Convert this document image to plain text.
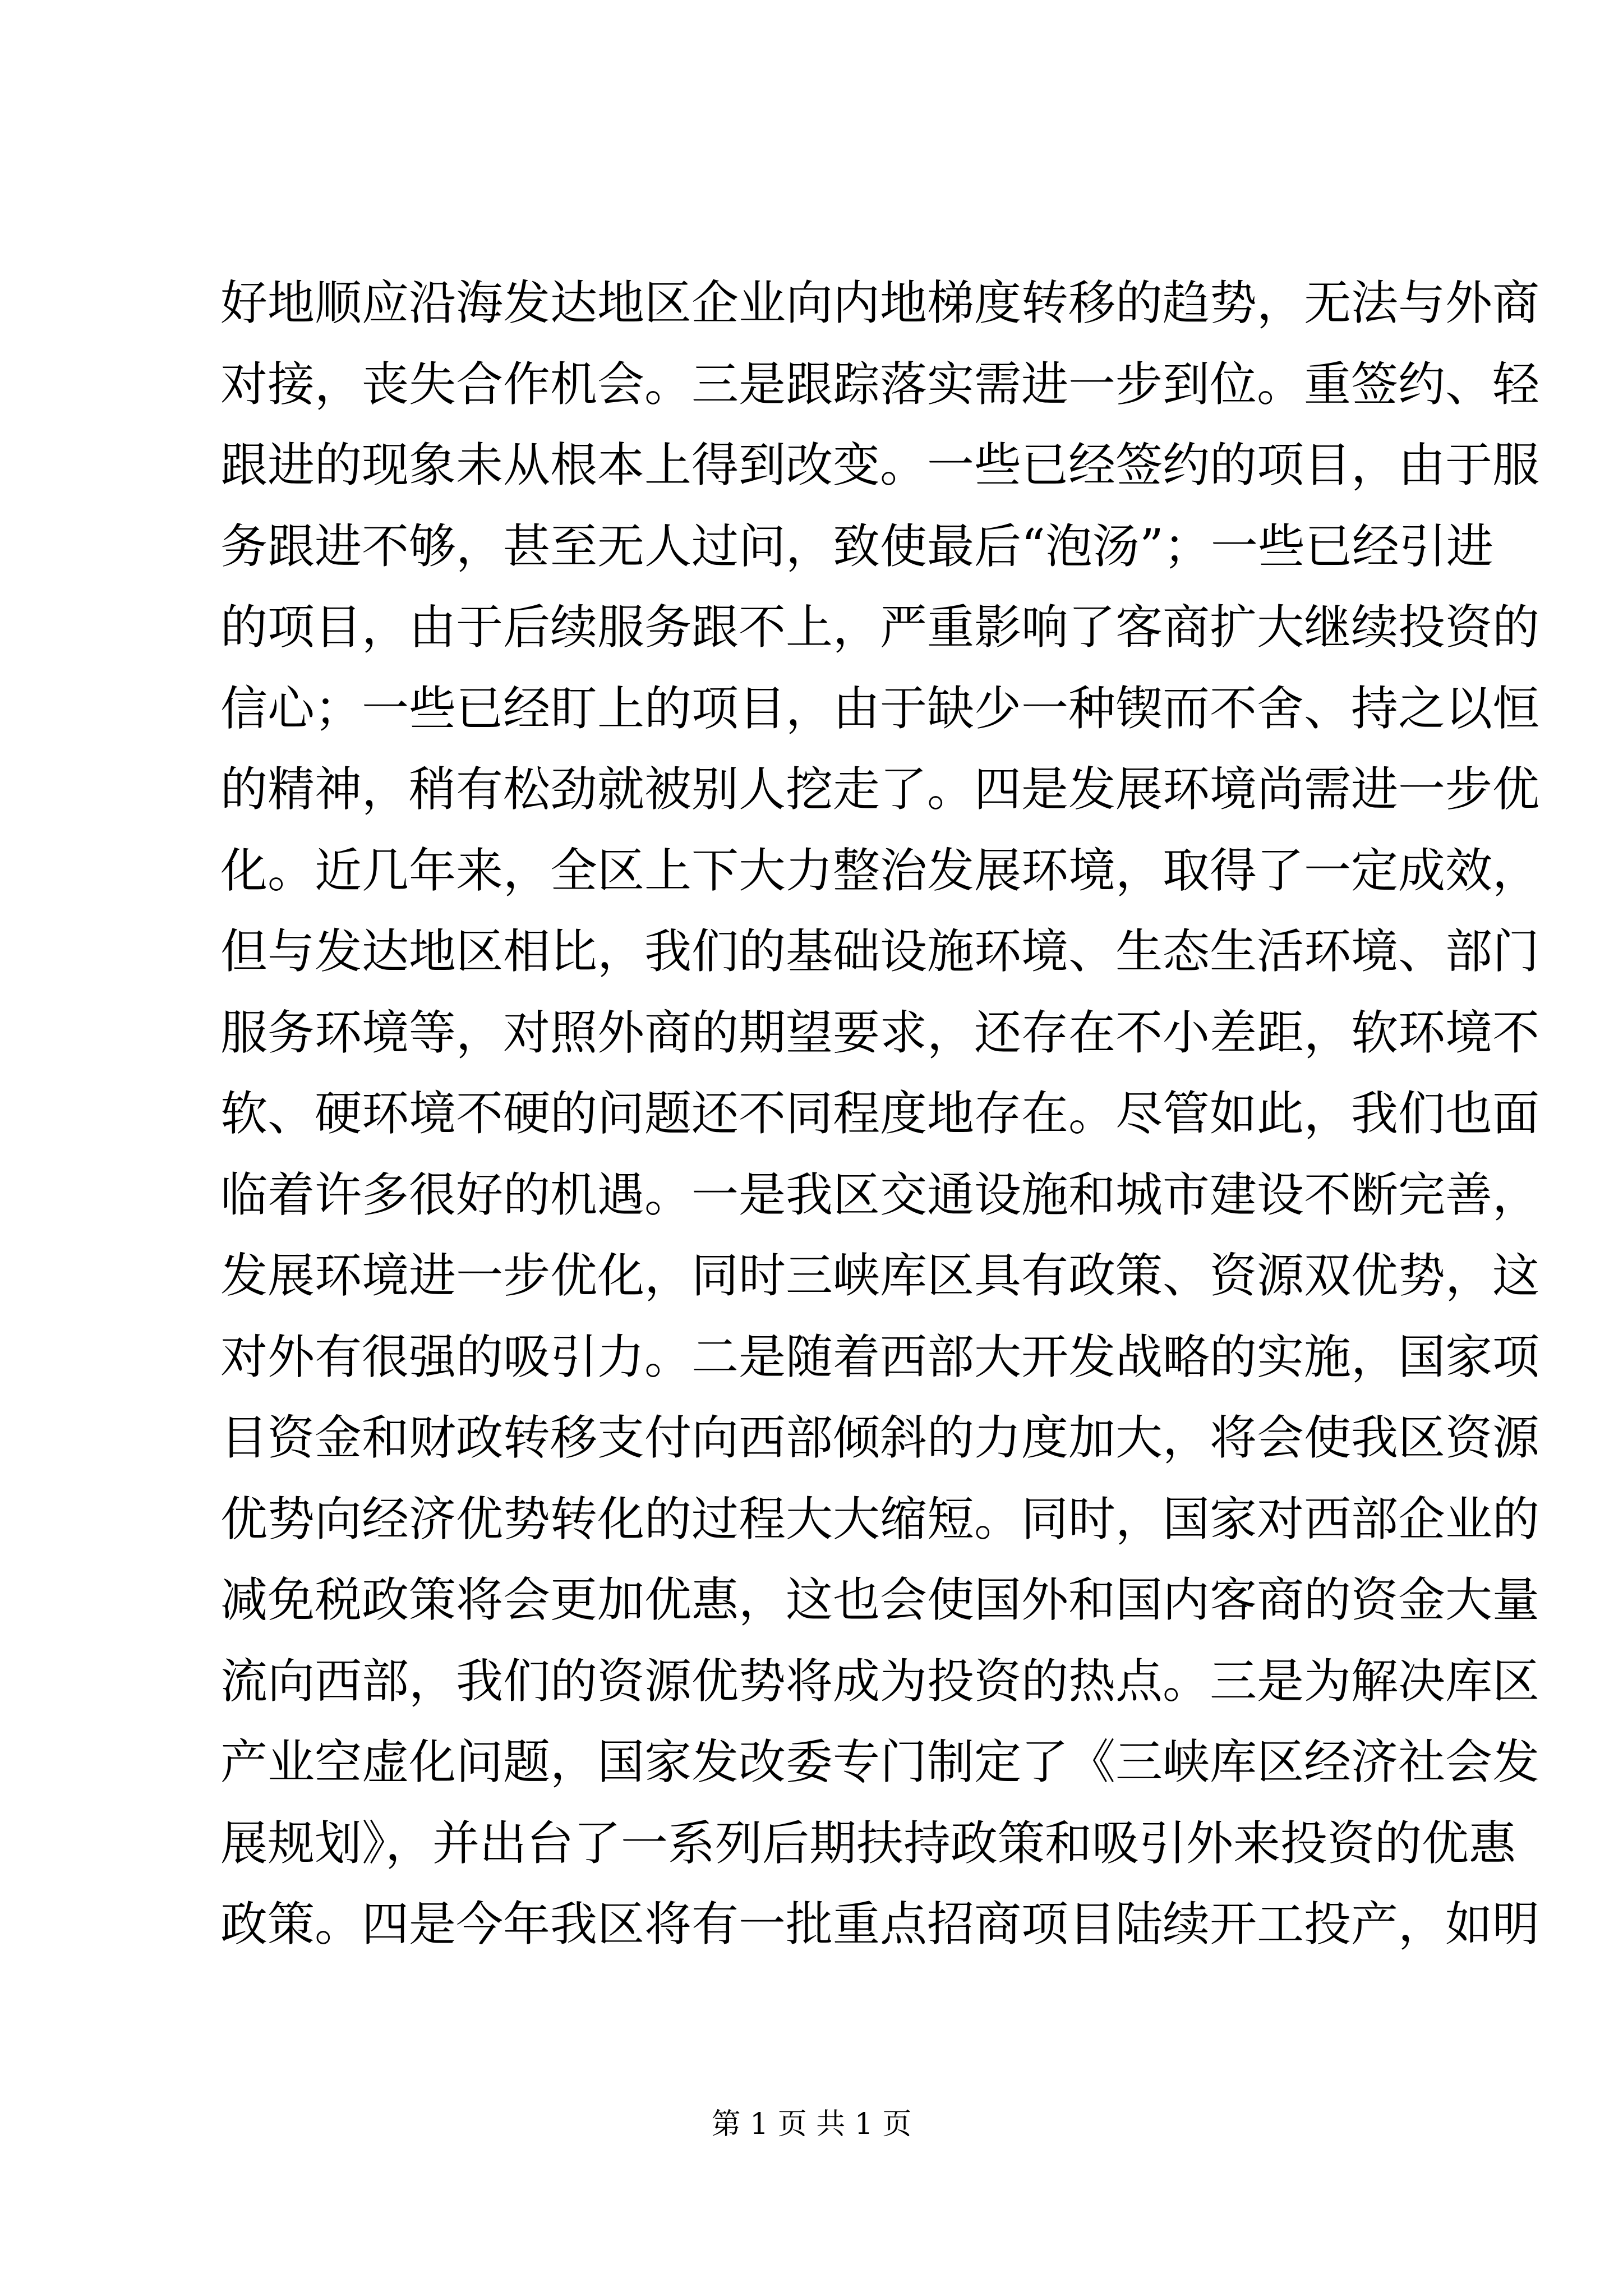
好地顺应沿海发达地区企业向内地梯度转移的趋势，无法与外商
对接，丧失合作机会。三是跟踪落实需进一步到位。重签约、轻
跟进的现象未从根本上得到改变。一些已经签约的项目，由于服
务跟进不够，甚至无人过问，致使最后“泡汤”；一些已经引进
的项目，由于后续服务跟不上，严重影响了客商扩大继续投资的
信心；一些已经盯上的项目，由于缺少一种锲而不舍、持之以恒
的精神，稍有松劲就被别人挖走了。四是发展环境尚需进一步优
化。近几年来，全区上下大力整治发展环境，取得了一定成效，
但与发达地区相比，我们的基础设施环境、生态生活环境、部门
服务环境等，对照外商的期望要求，还存在不小差距，软环境不
软、硬环境不硬的问题还不同程度地存在。尽管如此，我们也面
临着许多很好的机遇。一是我区交通设施和城市建设不断完善，
发展环境进一步优化，同时三峡库区具有政策、资源双优势，这
对外有很强的吸引力。二是随着西部大开发战略的实施，国家项
目资金和财政转移支付向西部倾斜的力度加大，将会使我区资源
优势向经济优势转化的过程大大缩短。同时，国家对西部企业的
减免税政策将会更加优惠，这也会使国外和国内客商的资金大量
流向西部，我们的资源优势将成为投资的热点。三是为解决库区
产业空虚化问题，国家发改委专门制定了《三峡库区经济社会发
展规划》，并出台了一系列后期扶持政策和吸引外来投资的优惠
政策。四是今年我区将有一批重点招商项目陆续开工投产，如明
第 1 页 共 1 页
